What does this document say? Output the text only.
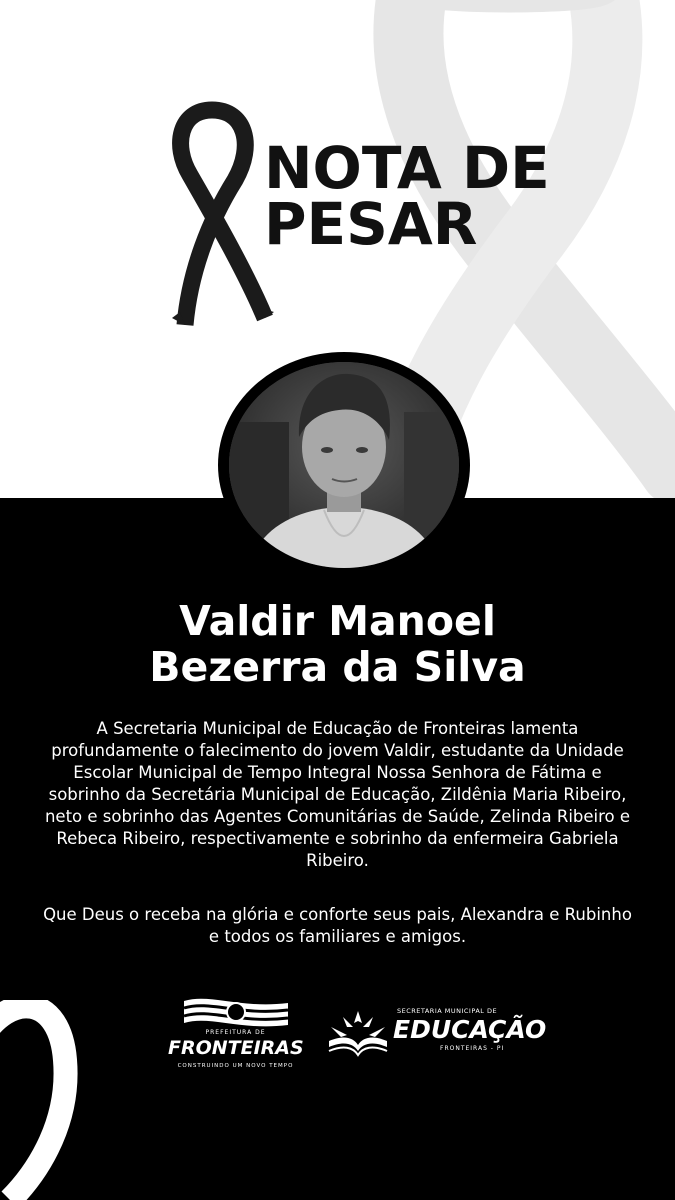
NOTA DE
PESAR
Valdir Manoel
Bezerra da Silva
A Secretaria Municipal de Educação de Fronteiras lamenta profundamente o falecimento do jovem Valdir, estudante da Unidade Escolar Municipal de Tempo Integral Nossa Senhora de Fátima e sobrinho da Secretária Municipal de Educação, Zildênia Maria Ribeiro, neto e sobrinho das Agentes Comunitárias de Saúde, Zelinda Ribeiro e Rebeca Ribeiro, respectivamente e sobrinho da enfermeira Gabriela Ribeiro.
Que Deus o receba na glória e conforte seus pais, Alexandra e Rubinho e todos os familiares e amigos.
PREFEITURA DE
FRONTEIRAS
CONSTRUINDO UM NOVO TEMPO
SECRETARIA MUNICIPAL DE
EDUCAÇÃO
FRONTEIRAS - PI
